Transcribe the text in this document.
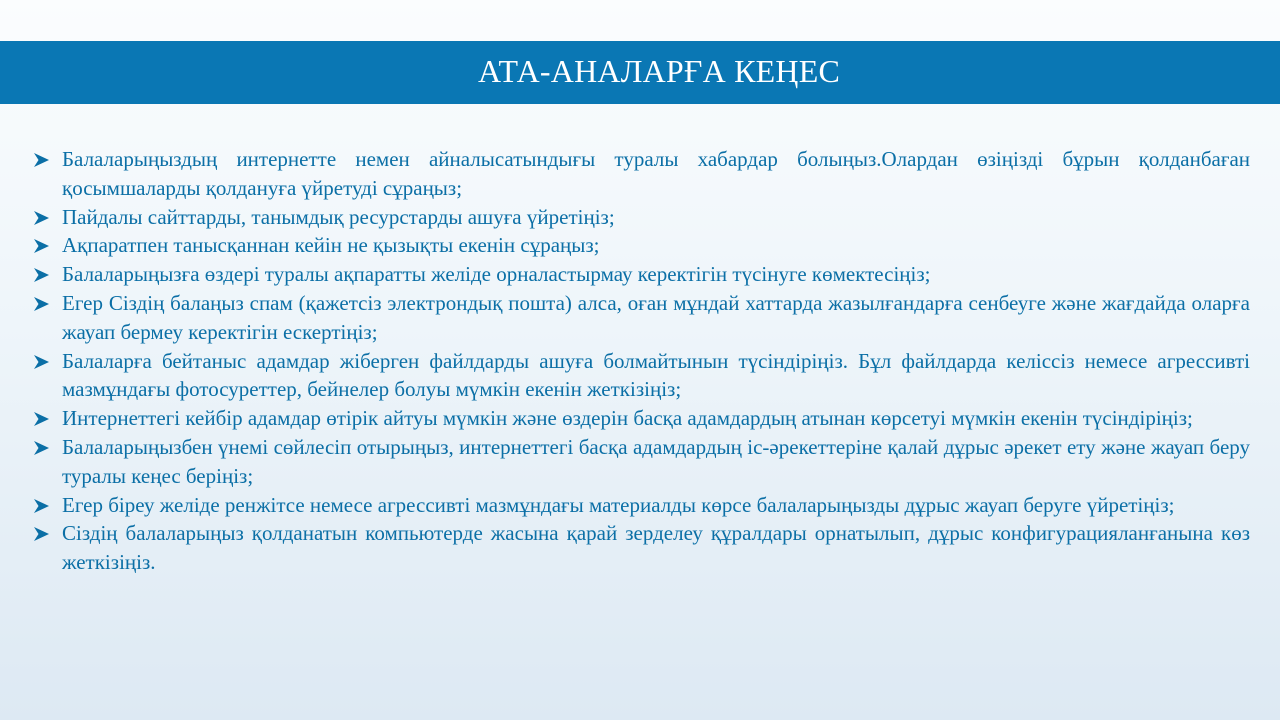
АТА-АНАЛАРҒА КЕҢЕС
Балаларыңыздың интернетте немен айналысатындығы туралы хабардар болыңыз.Олардан өзіңізді бұрын қолданбаған қосымшаларды қолдануға үйретуді сұраңыз;
Пайдалы сайттарды, танымдық ресурстарды ашуға үйретіңіз;
Ақпаратпен танысқаннан кейін не қызықты екенін сұраңыз;
Балаларыңызға өздері туралы ақпаратты желіде орналастырмау керектігін түсінуге көмектесіңіз;
Егер Сіздің балаңыз спам (қажетсіз электрондық пошта) алса, оған мұндай хаттарда жазылғандарға сенбеуге және жағдайда оларға жауап бермеу керектігін ескертіңіз;
Балаларға бейтаныс адамдар жіберген файлдарды ашуға болмайтынын түсіндіріңіз. Бұл файлдарда келіссіз немесе агрессивті мазмұндағы фотосуреттер, бейнелер болуы мүмкін екенін жеткізіңіз;
Интернеттегі кейбір адамдар өтірік айтуы мүмкін және өздерін басқа адамдардың атынан көрсетуі мүмкін екенін түсіндіріңіз;
Балаларыңызбен үнемі сөйлесіп отырыңыз, интернеттегі басқа адамдардың іс-әрекеттеріне қалай дұрыс әрекет ету және жауап беру туралы кеңес беріңіз;
Егер біреу желіде ренжітсе немесе агрессивті мазмұндағы материалды көрсе балаларыңызды дұрыс жауап беруге үйретіңіз;
Сіздің балаларыңыз қолданатын компьютерде жасына қарай зерделеу құралдары орнатылып, дұрыс конфигурацияланғанына көз жеткізіңіз.
